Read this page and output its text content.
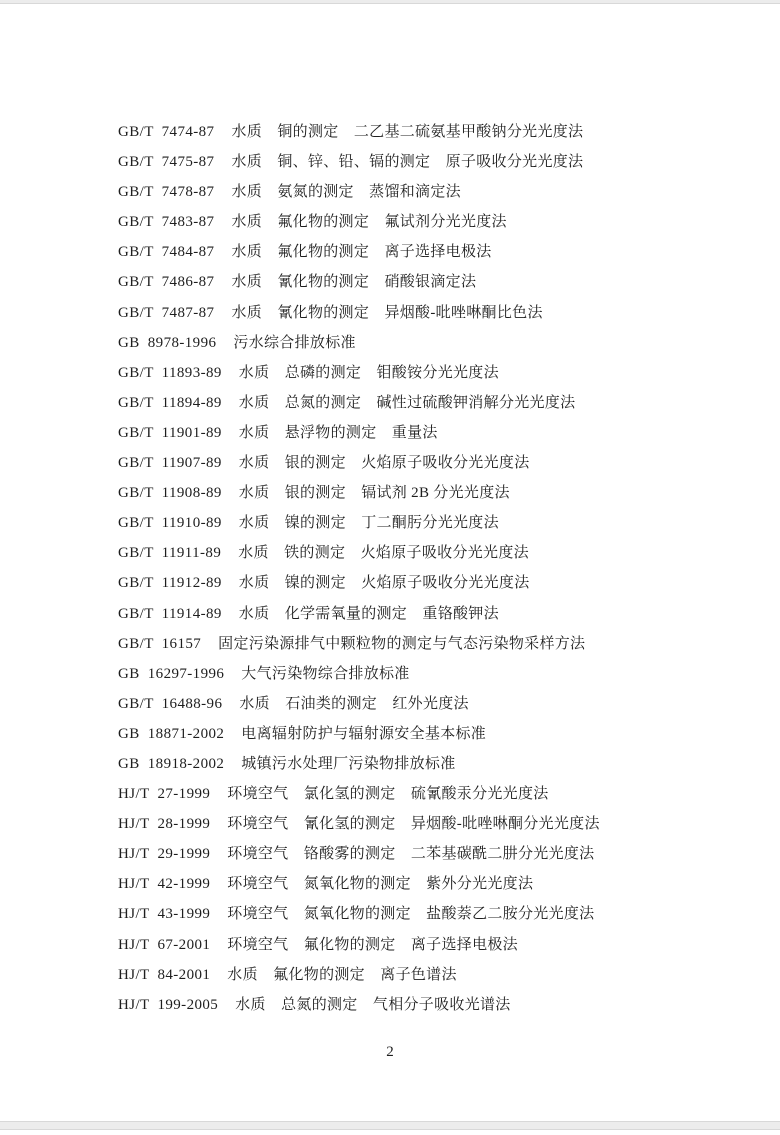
GB/T 7474-87 水质　铜的测定　二乙基二硫氨基甲酸钠分光光度法
GB/T 7475-87 水质　铜、锌、铅、镉的测定　原子吸收分光光度法
GB/T 7478-87 水质　氨氮的测定　蒸馏和滴定法
GB/T 7483-87 水质　氟化物的测定　氟试剂分光光度法
GB/T 7484-87 水质　氟化物的测定　离子选择电极法
GB/T 7486-87 水质　氰化物的测定　硝酸银滴定法
GB/T 7487-87 水质　氰化物的测定　异烟酸-吡唑啉酮比色法
GB 8978-1996 污水综合排放标准
GB/T 11893-89 水质　总磷的测定　钼酸铵分光光度法
GB/T 11894-89 水质　总氮的测定　碱性过硫酸钾消解分光光度法
GB/T 11901-89 水质　悬浮物的测定　重量法
GB/T 11907-89 水质　银的测定　火焰原子吸收分光光度法
GB/T 11908-89 水质　银的测定　镉试剂 2B 分光光度法
GB/T 11910-89 水质　镍的测定　丁二酮肟分光光度法
GB/T 11911-89 水质　铁的测定　火焰原子吸收分光光度法
GB/T 11912-89 水质　镍的测定　火焰原子吸收分光光度法
GB/T 11914-89 水质　化学需氧量的测定　重铬酸钾法
GB/T 16157 固定污染源排气中颗粒物的测定与气态污染物采样方法
GB 16297-1996 大气污染物综合排放标准
GB/T 16488-96 水质　石油类的测定　红外光度法
GB 18871-2002 电离辐射防护与辐射源安全基本标准
GB 18918-2002 城镇污水处理厂污染物排放标准
HJ/T 27-1999 环境空气　氯化氢的测定　硫氰酸汞分光光度法
HJ/T 28-1999 环境空气　氰化氢的测定　异烟酸-吡唑啉酮分光光度法
HJ/T 29-1999 环境空气　铬酸雾的测定　二苯基碳酰二肼分光光度法
HJ/T 42-1999 环境空气　氮氧化物的测定　紫外分光光度法
HJ/T 43-1999 环境空气　氮氧化物的测定　盐酸萘乙二胺分光光度法
HJ/T 67-2001 环境空气　氟化物的测定　离子选择电极法
HJ/T 84-2001 水质　氟化物的测定　离子色谱法
HJ/T 199-2005 水质　总氮的测定　气相分子吸收光谱法
2
